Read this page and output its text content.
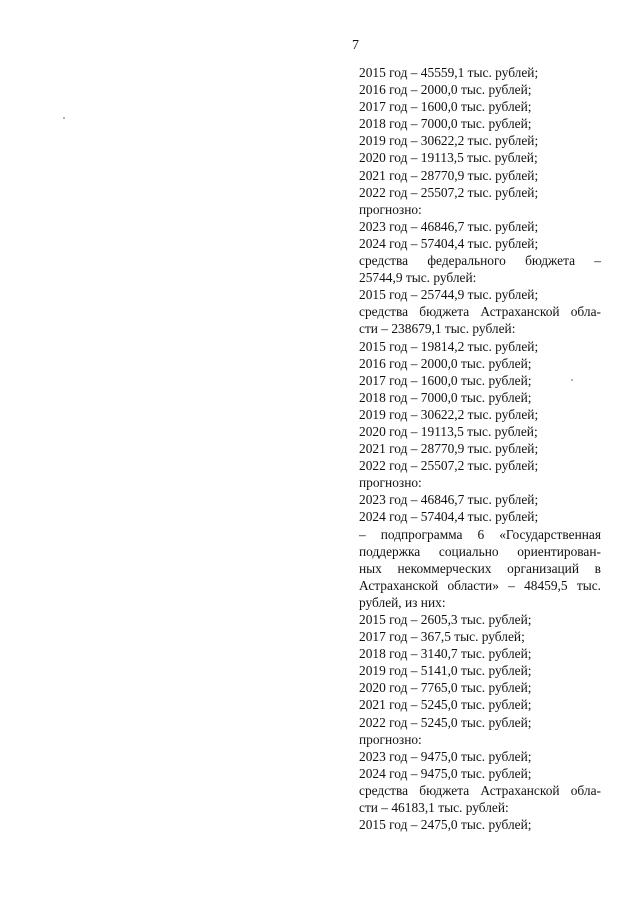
7
2015 год – 45559,1 тыс. рублей;
2016 год – 2000,0 тыс. рублей;
2017 год – 1600,0 тыс. рублей;
2018 год – 7000,0 тыс. рублей;
2019 год – 30622,2 тыс. рублей;
2020 год – 19113,5 тыс. рублей;
2021 год – 28770,9 тыс. рублей;
2022 год – 25507,2 тыс. рублей;
прогнозно:
2023 год – 46846,7 тыс. рублей;
2024 год – 57404,4 тыс. рублей;
средства федерального бюджета –
25744,9 тыс. рублей:
2015 год – 25744,9 тыс. рублей;
средства бюджета Астраханской обла-
сти – 238679,1 тыс. рублей:
2015 год – 19814,2 тыс. рублей;
2016 год – 2000,0 тыс. рублей;
2017 год – 1600,0 тыс. рублей;
2018 год – 7000,0 тыс. рублей;
2019 год – 30622,2 тыс. рублей;
2020 год – 19113,5 тыс. рублей;
2021 год – 28770,9 тыс. рублей;
2022 год – 25507,2 тыс. рублей;
прогнозно:
2023 год – 46846,7 тыс. рублей;
2024 год – 57404,4 тыс. рублей;
– подпрограмма 6 «Государственная
поддержка социально ориентирован-
ных некоммерческих организаций в
Астраханской области» – 48459,5 тыс.
рублей, из них:
2015 год – 2605,3 тыс. рублей;
2017 год – 367,5 тыс. рублей;
2018 год – 3140,7 тыс. рублей;
2019 год – 5141,0 тыс. рублей;
2020 год – 7765,0 тыс. рублей;
2021 год – 5245,0 тыс. рублей;
2022 год – 5245,0 тыс. рублей;
прогнозно:
2023 год – 9475,0 тыс. рублей;
2024 год – 9475,0 тыс. рублей;
средства бюджета Астраханской обла-
сти – 46183,1 тыс. рублей:
2015 год – 2475,0 тыс. рублей;
